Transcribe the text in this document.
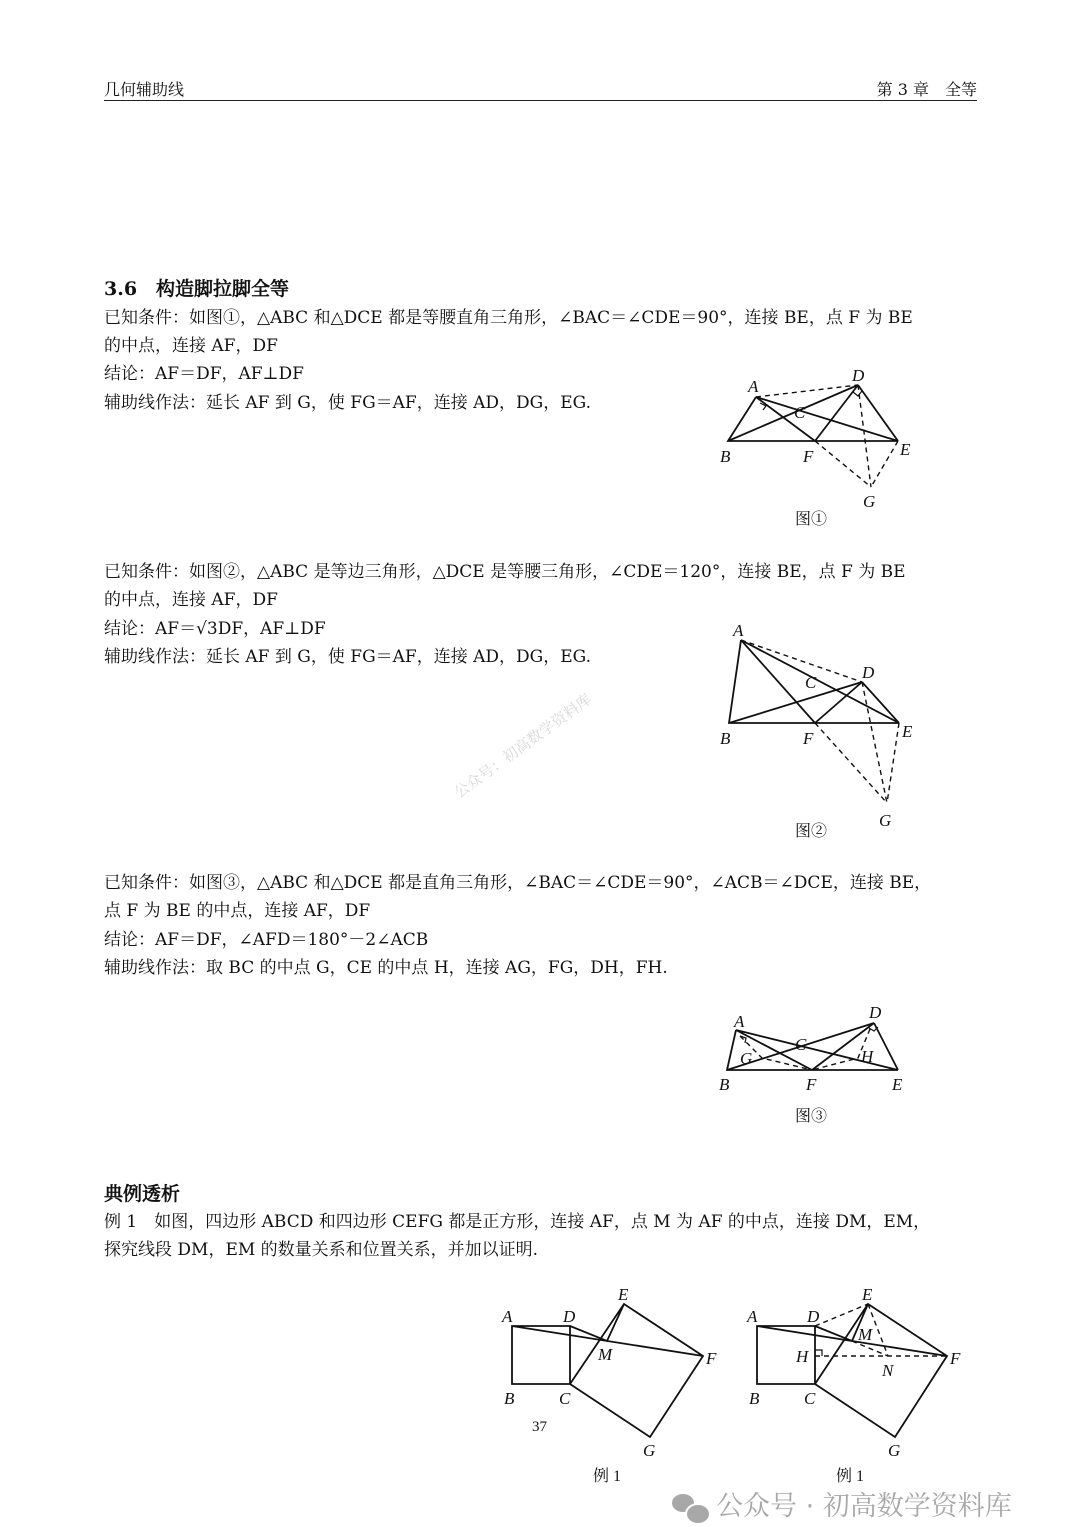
几何辅助线	第 3 章　全等
3.6　构造脚拉脚全等
已知条件：如图①，△ABC 和△DCE 都是等腰直角三角形，∠BAC＝∠CDE＝90°，连接 BE，点 F 为 BE
的中点，连接 AF，DF
结论：AF＝DF，AF⊥DF
辅助线作法：延长 AF 到 G，使 FG＝AF，连接 AD，DG，EG.
已知条件：如图②，△ABC 是等边三角形，△DCE 是等腰三角形，∠CDE＝120°，连接 BE，点 F 为 BE
的中点，连接 AF，DF
结论：AF＝√3DF，AF⊥DF
辅助线作法：延长 AF 到 G，使 FG＝AF，连接 AD，DG，EG.
已知条件：如图③，△ABC 和△DCE 都是直角三角形，∠BAC＝∠CDE＝90°，∠ACB＝∠DCE，连接 BE，
点 F 为 BE 的中点，连接 AF，DF
结论：AF＝DF，∠AFD＝180°－2∠ACB
辅助线作法：取 BC 的中点 G，CE 的中点 H，连接 AG，FG，DH，FH.
典例透析
例 1　如图，四边形 ABCD 和四边形 CEFG 都是正方形，连接 AF，点 M 为 AF 的中点，连接 DM，EM，
探究线段 DM，EM 的数量关系和位置关系，并加以证明.
公众号：初高数学资料库
A
D
C
B	F	E
G
图①
A
D
C
B	F	E
G
图②
A	D
C
G	H
B	F	E
图③
A	D
E
M	F
B	C
G
37
例 1
A	D
E
M
H
N
F
B	C
G
例 1
公众号 · 初高数学资料库
